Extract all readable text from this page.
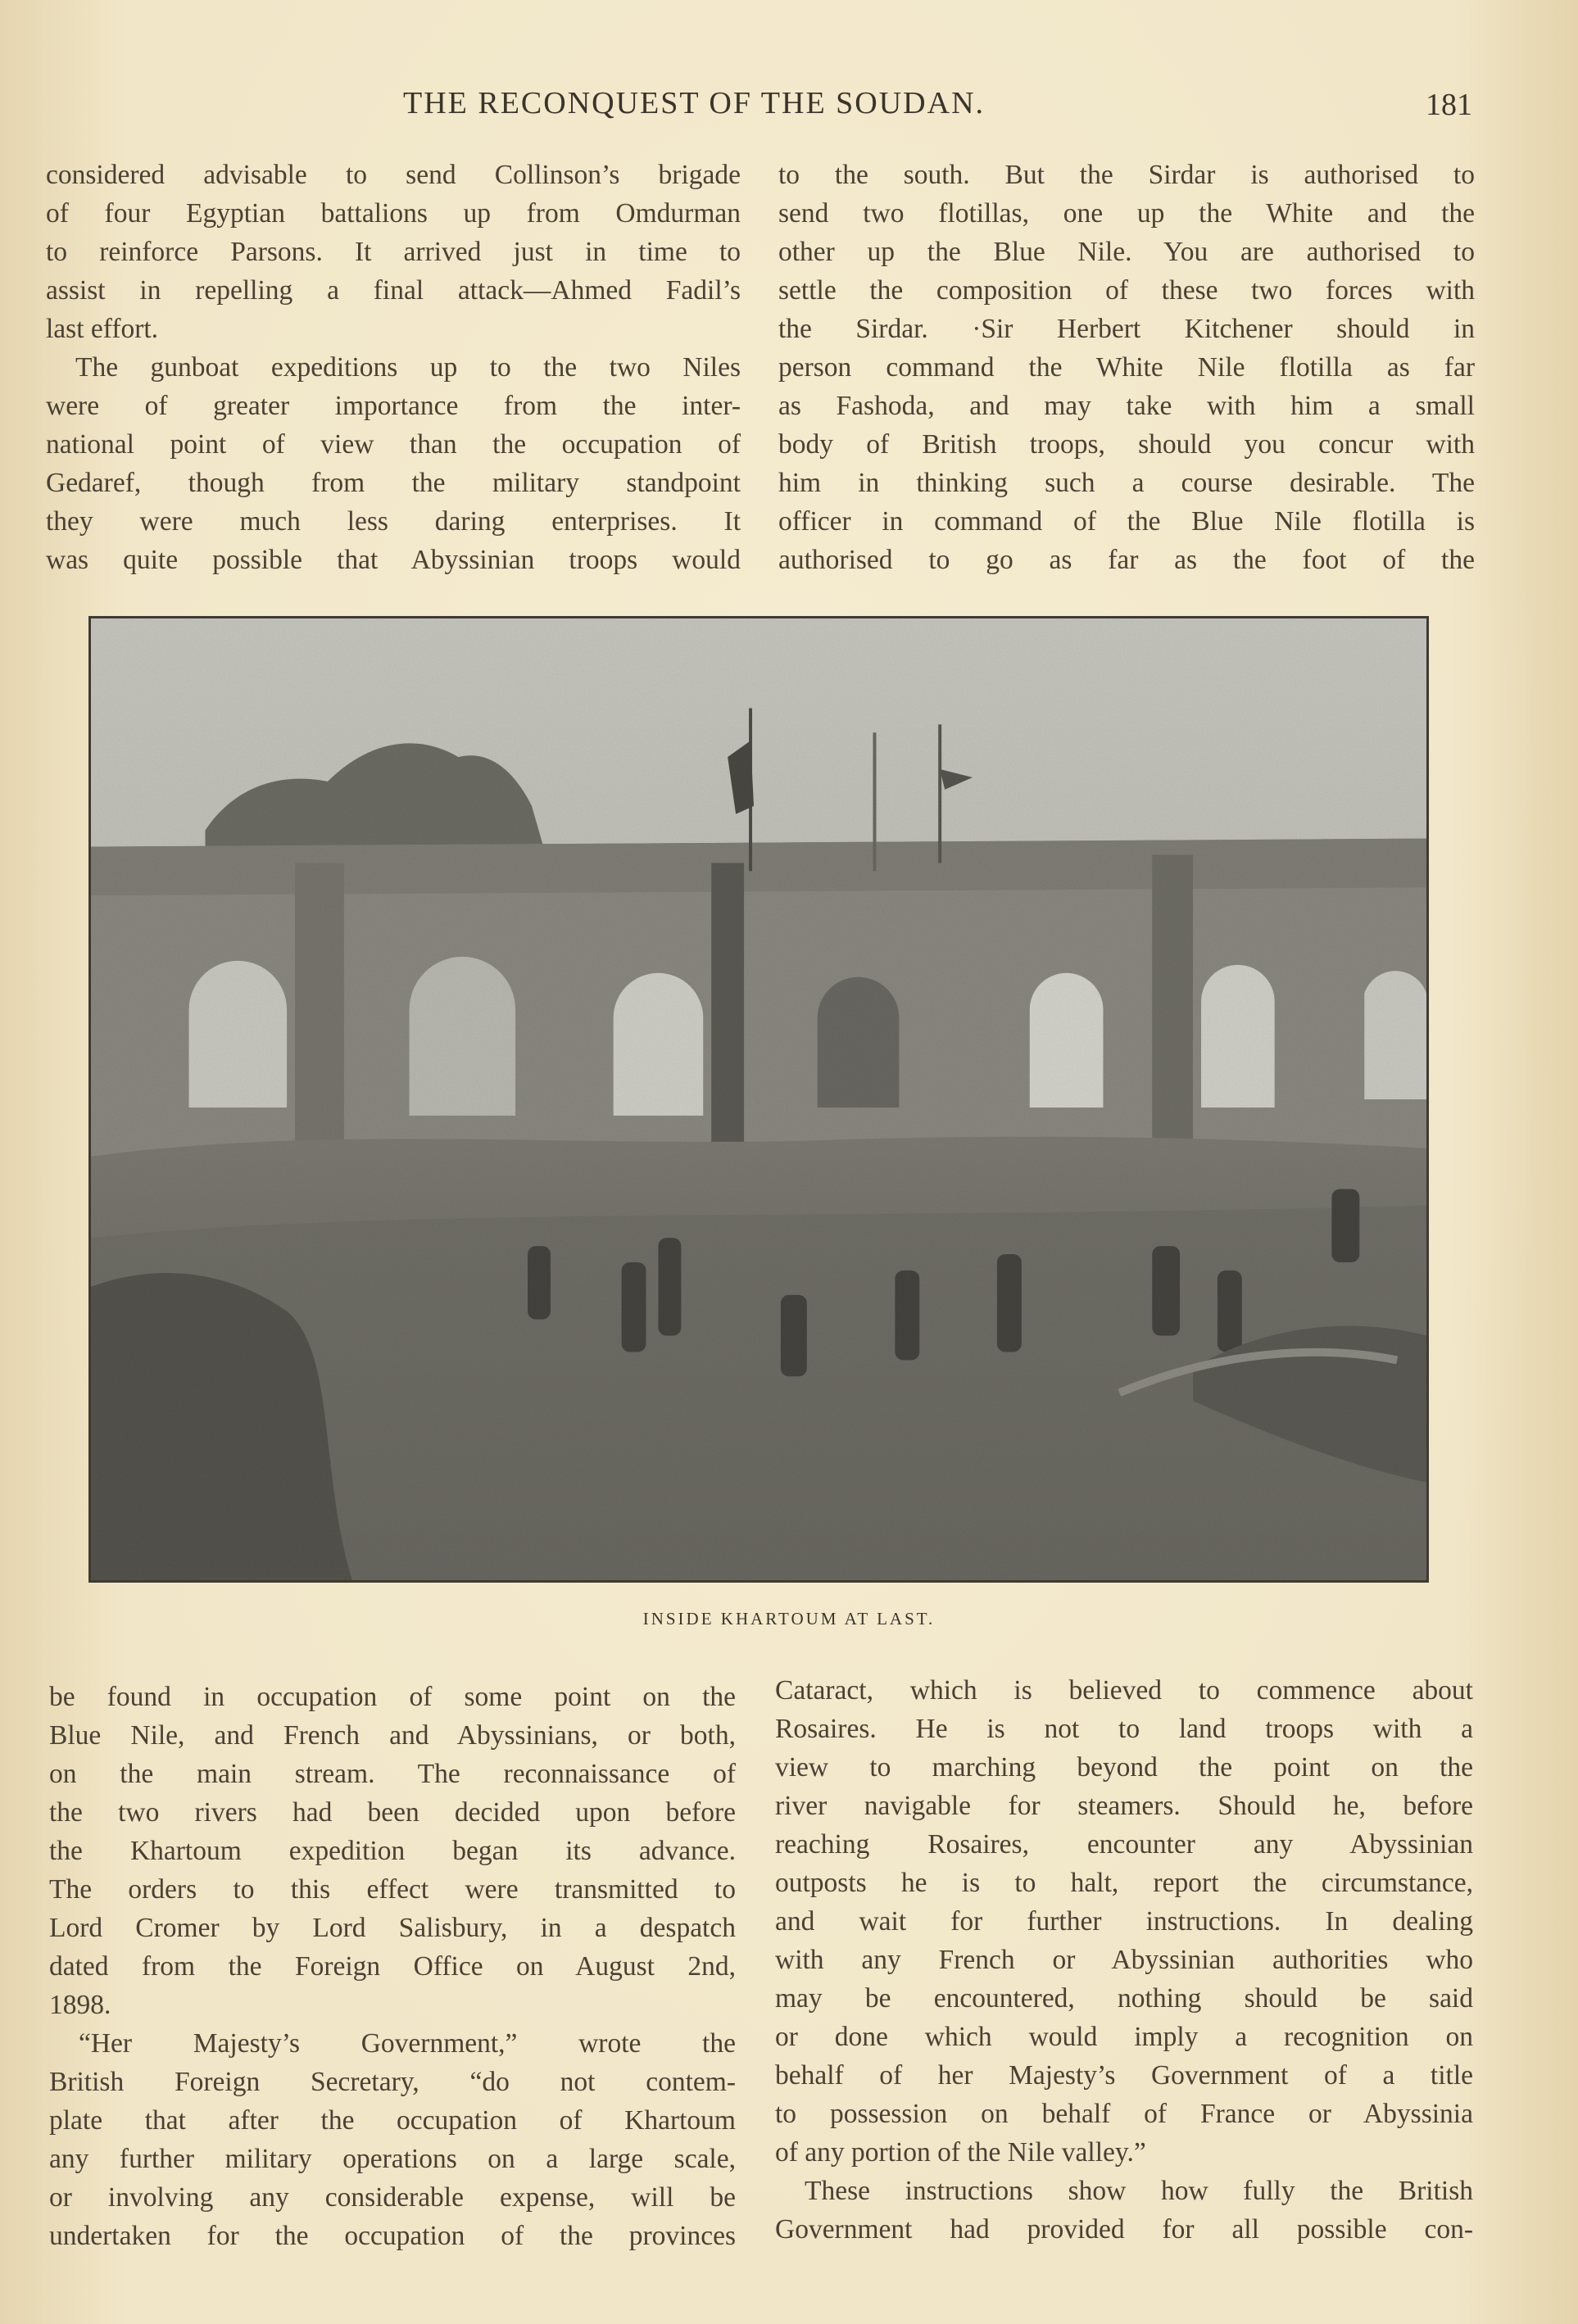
THE RECONQUEST OF THE SOUDAN.	181
considered advisable to send Collinson’s brigade
of four Egyptian battalions up from Omdurman
to reinforce Parsons. It arrived just in time to
assist in repelling a final attack—Ahmed Fadil’s
last effort.
The gunboat expeditions up to the two Niles
were of greater importance from the inter-
national point of view than the occupation of
Gedaref, though from the military standpoint
they were much less daring enterprises. It
was quite possible that Abyssinian troops would
to the south. But the Sirdar is authorised to
send two flotillas, one up the White and the
other up the Blue Nile. You are authorised to
settle the composition of these two forces with
the Sirdar. ·Sir Herbert Kitchener should in
person command the White Nile flotilla as far
as Fashoda, and may take with him a small
body of British troops, should you concur with
him in thinking such a course desirable. The
officer in command of the Blue Nile flotilla is
authorised to go as far as the foot of the
INSIDE KHARTOUM AT LAST.
be found in occupation of some point on the
Blue Nile, and French and Abyssinians, or both,
on the main stream. The reconnaissance of
the two rivers had been decided upon before
the Khartoum expedition began its advance.
The orders to this effect were transmitted to
Lord Cromer by Lord Salisbury, in a despatch
dated from the Foreign Office on August 2nd,
1898.
“Her Majesty’s Government,” wrote the
British Foreign Secretary, “do not contem-
plate that after the occupation of Khartoum
any further military operations on a large scale,
or involving any considerable expense, will be
undertaken for the occupation of the provinces
Cataract, which is believed to commence about
Rosaires. He is not to land troops with a
view to marching beyond the point on the
river navigable for steamers. Should he, before
reaching Rosaires, encounter any Abyssinian
outposts he is to halt, report the circumstance,
and wait for further instructions. In dealing
with any French or Abyssinian authorities who
may be encountered, nothing should be said
or done which would imply a recognition on
behalf of her Majesty’s Government of a title
to possession on behalf of France or Abyssinia
of any portion of the Nile valley.”
These instructions show how fully the British
Government had provided for all possible con-
